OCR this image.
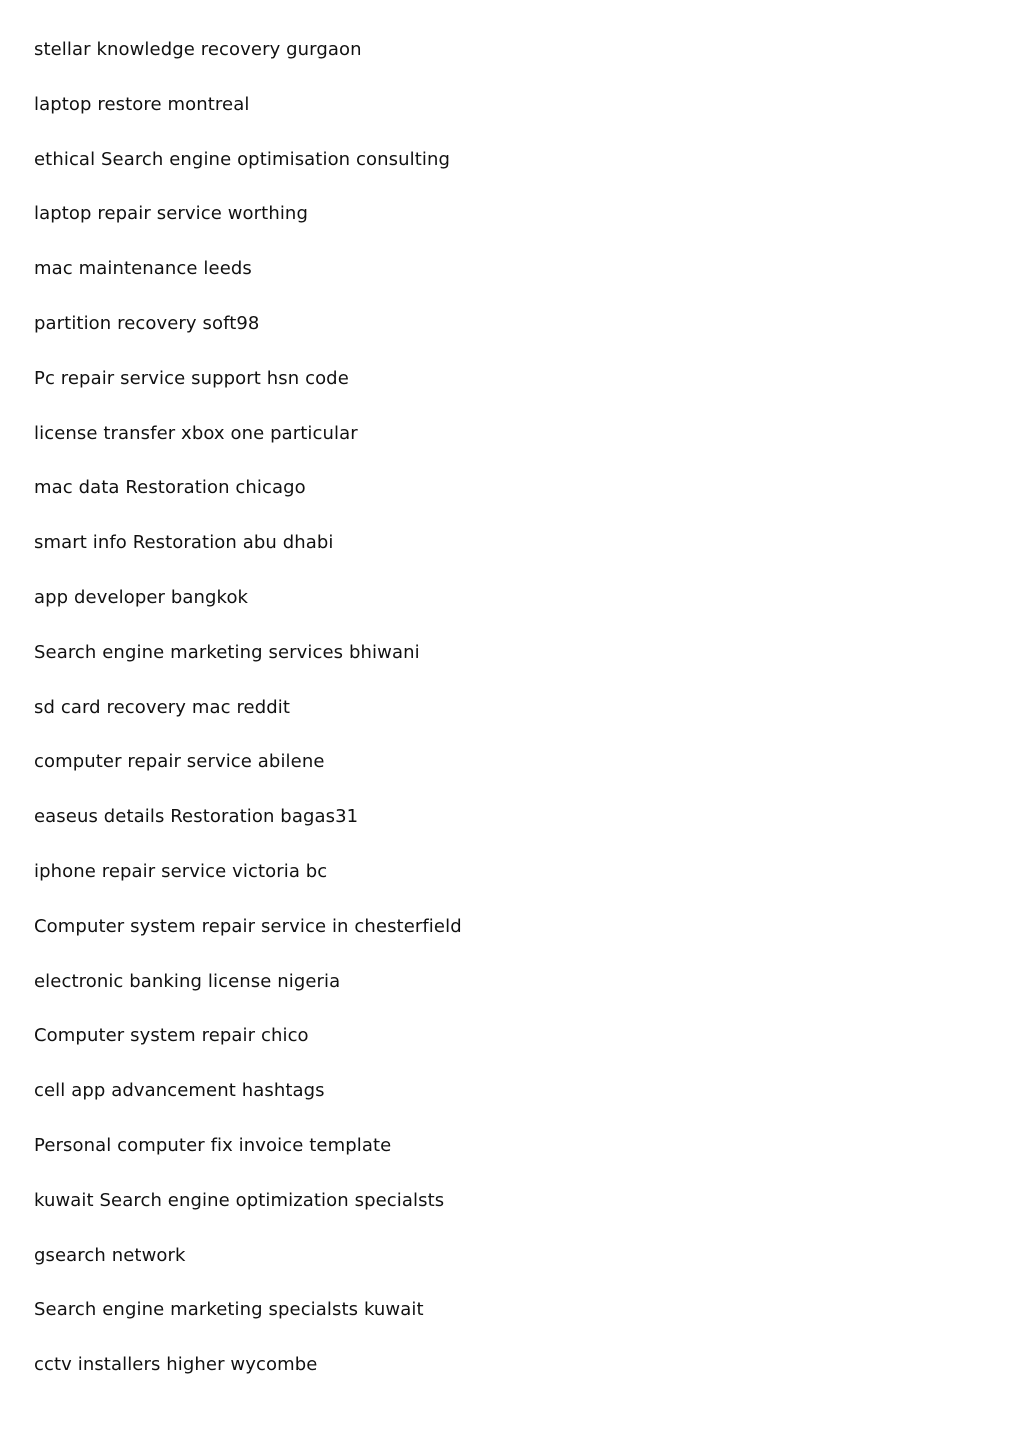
stellar knowledge recovery gurgaon
laptop restore montreal
ethical Search engine optimisation consulting
laptop repair service worthing
mac maintenance leeds
partition recovery soft98
Pc repair service support hsn code
license transfer xbox one particular
mac data Restoration chicago
smart info Restoration abu dhabi
app developer bangkok
Search engine marketing services bhiwani
sd card recovery mac reddit
computer repair service abilene
easeus details Restoration bagas31
iphone repair service victoria bc
Computer system repair service in chesterfield
electronic banking license nigeria
Computer system repair chico
cell app advancement hashtags
Personal computer fix invoice template
kuwait Search engine optimization specialsts
gsearch network
Search engine marketing specialsts kuwait
cctv installers higher wycombe
